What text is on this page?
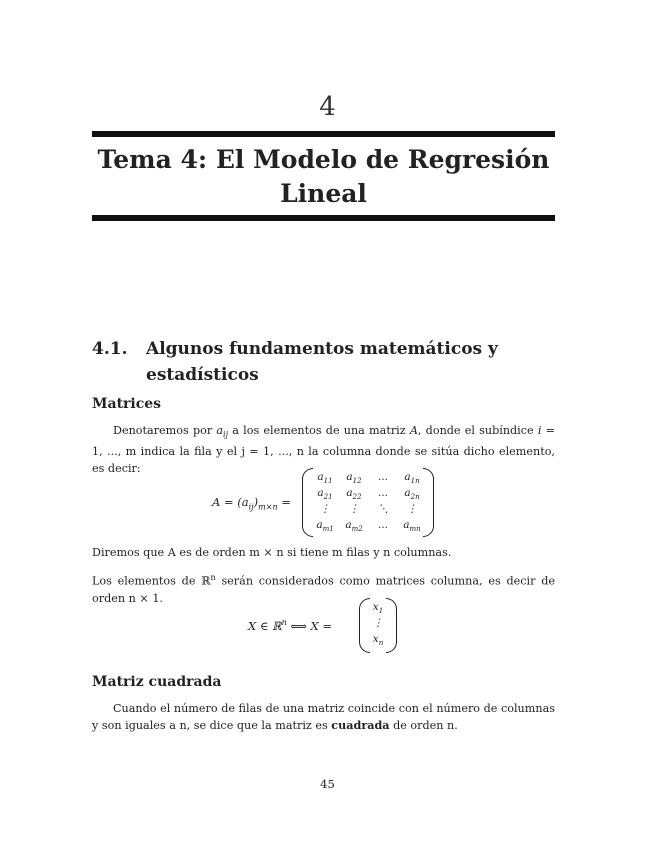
4
Tema 4: El Modelo de Regresión Lineal
4.1. Algunos fundamentos matemáticos y estadísticos
Matrices
Denotaremos por $a_{ij}$ a los elementos de una matriz A, donde el subíndice i = 1, ..., m indica la fila y el j = 1, ..., n la columna donde se sitúa dicho elemento, es decir:
$A = (a_{ij})_{m\times n}$ =
$a_{11}$	$a_{12}$	...	$a_{1n}$
$a_{21}$	$a_{22}$	...	$a_{2n}$
⋮	⋮	⋱	⋮
$a_{m1}$	$a_{m2}$	...	$a_{mn}$
Diremos que A es de orden m × n si tiene m filas y n columnas.
Los elementos de ℝ$^n$ serán considerados como matrices columna, es decir de orden n × 1.
X ∈ ℝ$^n$ ⟺ X =
$x_1$
⋮
$x_n$
Matriz cuadrada
Cuando el número de filas de una matriz coincide con el número de columnas y son iguales a n, se dice que la matriz es cuadrada de orden n.
45
